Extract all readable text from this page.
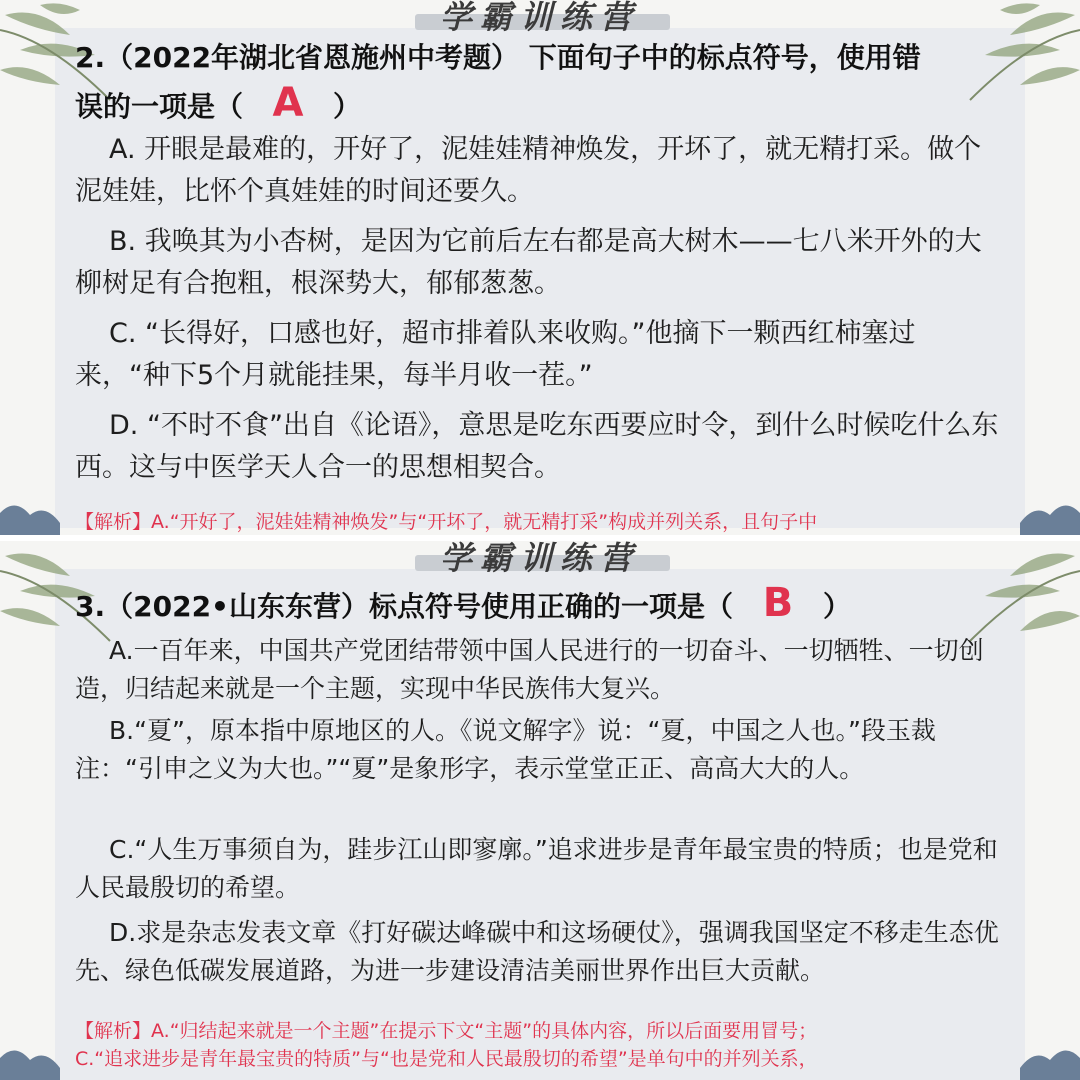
学霸训练营
2.（2022年湖北省恩施州中考题） 下面句子中的标点符号，使用错
误的一项是（ A ）
A. 开眼是最难的，开好了，泥娃娃精神焕发，开坏了，就无精打采。做个泥娃娃，比怀个真娃娃的时间还要久。
B. 我唤其为小杏树，是因为它前后左右都是高大树木——七八米开外的大柳树足有合抱粗，根深势大，郁郁葱葱。
C. “长得好，口感也好，超市排着队来收购。”他摘下一颗西红柿塞过来，“种下5个月就能挂果，每半月收一茬。”
D. “不时不食”出自《论语》，意思是吃东西要应时令，到什么时候吃什么东西。这与中医学天人合一的思想相契合。
【解析】A.“开好了，泥娃娃精神焕发”与“开坏了，就无精打采”构成并列关系，且句子中
学霸训练营
3.（2022•山东东营）标点符号使用正确的一项是（ B ）
A.一百年来，中国共产党团结带领中国人民进行的一切奋斗、一切牺牲、一切创造，归结起来就是一个主题，实现中华民族伟大复兴。
B.“夏”，原本指中原地区的人。《说文解字》说：“夏，中国之人也。”段玉裁注：“引申之义为大也。”“夏”是象形字，表示堂堂正正、高高大大的人。
C.“人生万事须自为，跬步江山即寥廓。”追求进步是青年最宝贵的特质；也是党和人民最殷切的希望。
D.求是杂志发表文章《打好碳达峰碳中和这场硬仗》，强调我国坚定不移走生态优先、绿色低碳发展道路，为进一步建设清洁美丽世界作出巨大贡献。
【解析】A.“归结起来就是一个主题”在提示下文“主题”的具体内容，所以后面要用冒号；
C.“追求进步是青年最宝贵的特质”与“也是党和人民最殷切的希望”是单句中的并列关系，
